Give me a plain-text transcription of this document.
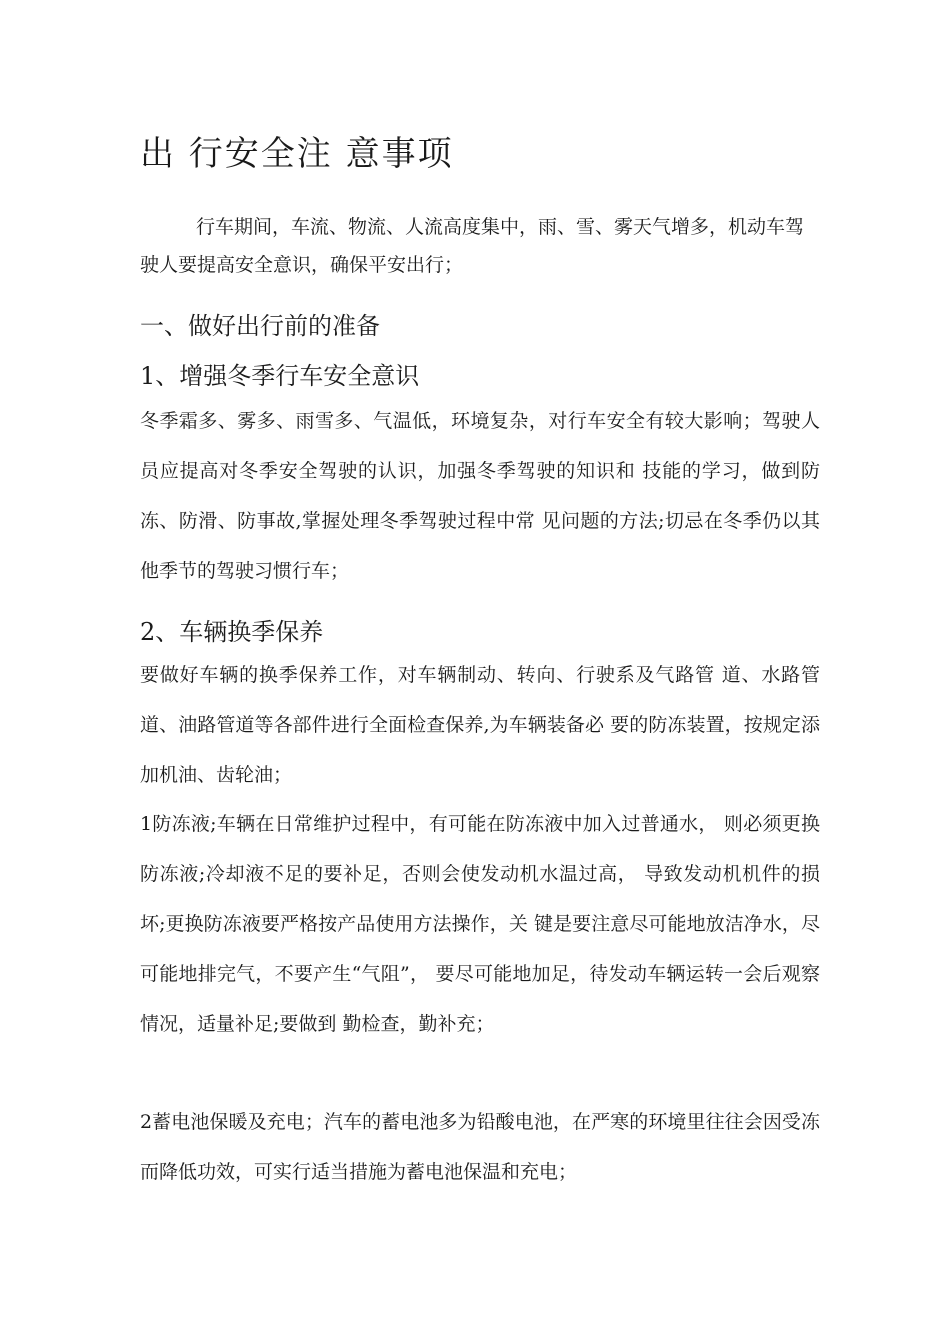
出 行安全注 意事项

行车期间，车流、物流、人流高度集中，雨、雪、雾天气增多，机动车驾驶人要提高安全意识，确保平安出行；

一、做好出行前的准备
1、增强冬季行车安全意识

冬季霜多、雾多、雨雪多、气温低，环境复杂，对行车安全有较大影响；驾驶人员应提高对冬季安全驾驶的认识，加强冬季驾驶的知识和 技能的学习，做到防冻、防滑、防事故,掌握处理冬季驾驶过程中常 见问题的方法;切忌在冬季仍以其他季节的驾驶习惯行车；

2、车辆换季保养

要做好车辆的换季保养工作，对车辆制动、转向、行驶系及气路管 道、水路管道、油路管道等各部件进行全面检查保养,为车辆装备必 要的防冻装置，按规定添加机油、齿轮油；

1防冻液;车辆在日常维护过程中，有可能在防冻液中加入过普通水， 则必须更换防冻液;冷却液不足的要补足，否则会使发动机水温过高， 导致发动机机件的损坏;更换防冻液要严格按产品使用方法操作，关 键是要注意尽可能地放洁净水，尽可能地排完气，不要产生“气阻”， 要尽可能地加足，待发动车辆运转一会后观察情况，适量补足;要做到 勤检查，勤补充；

2蓄电池保暖及充电；汽车的蓄电池多为铅酸电池，在严寒的环境里往往会因受冻而降低功效，可实行适当措施为蓄电池保温和充电；
